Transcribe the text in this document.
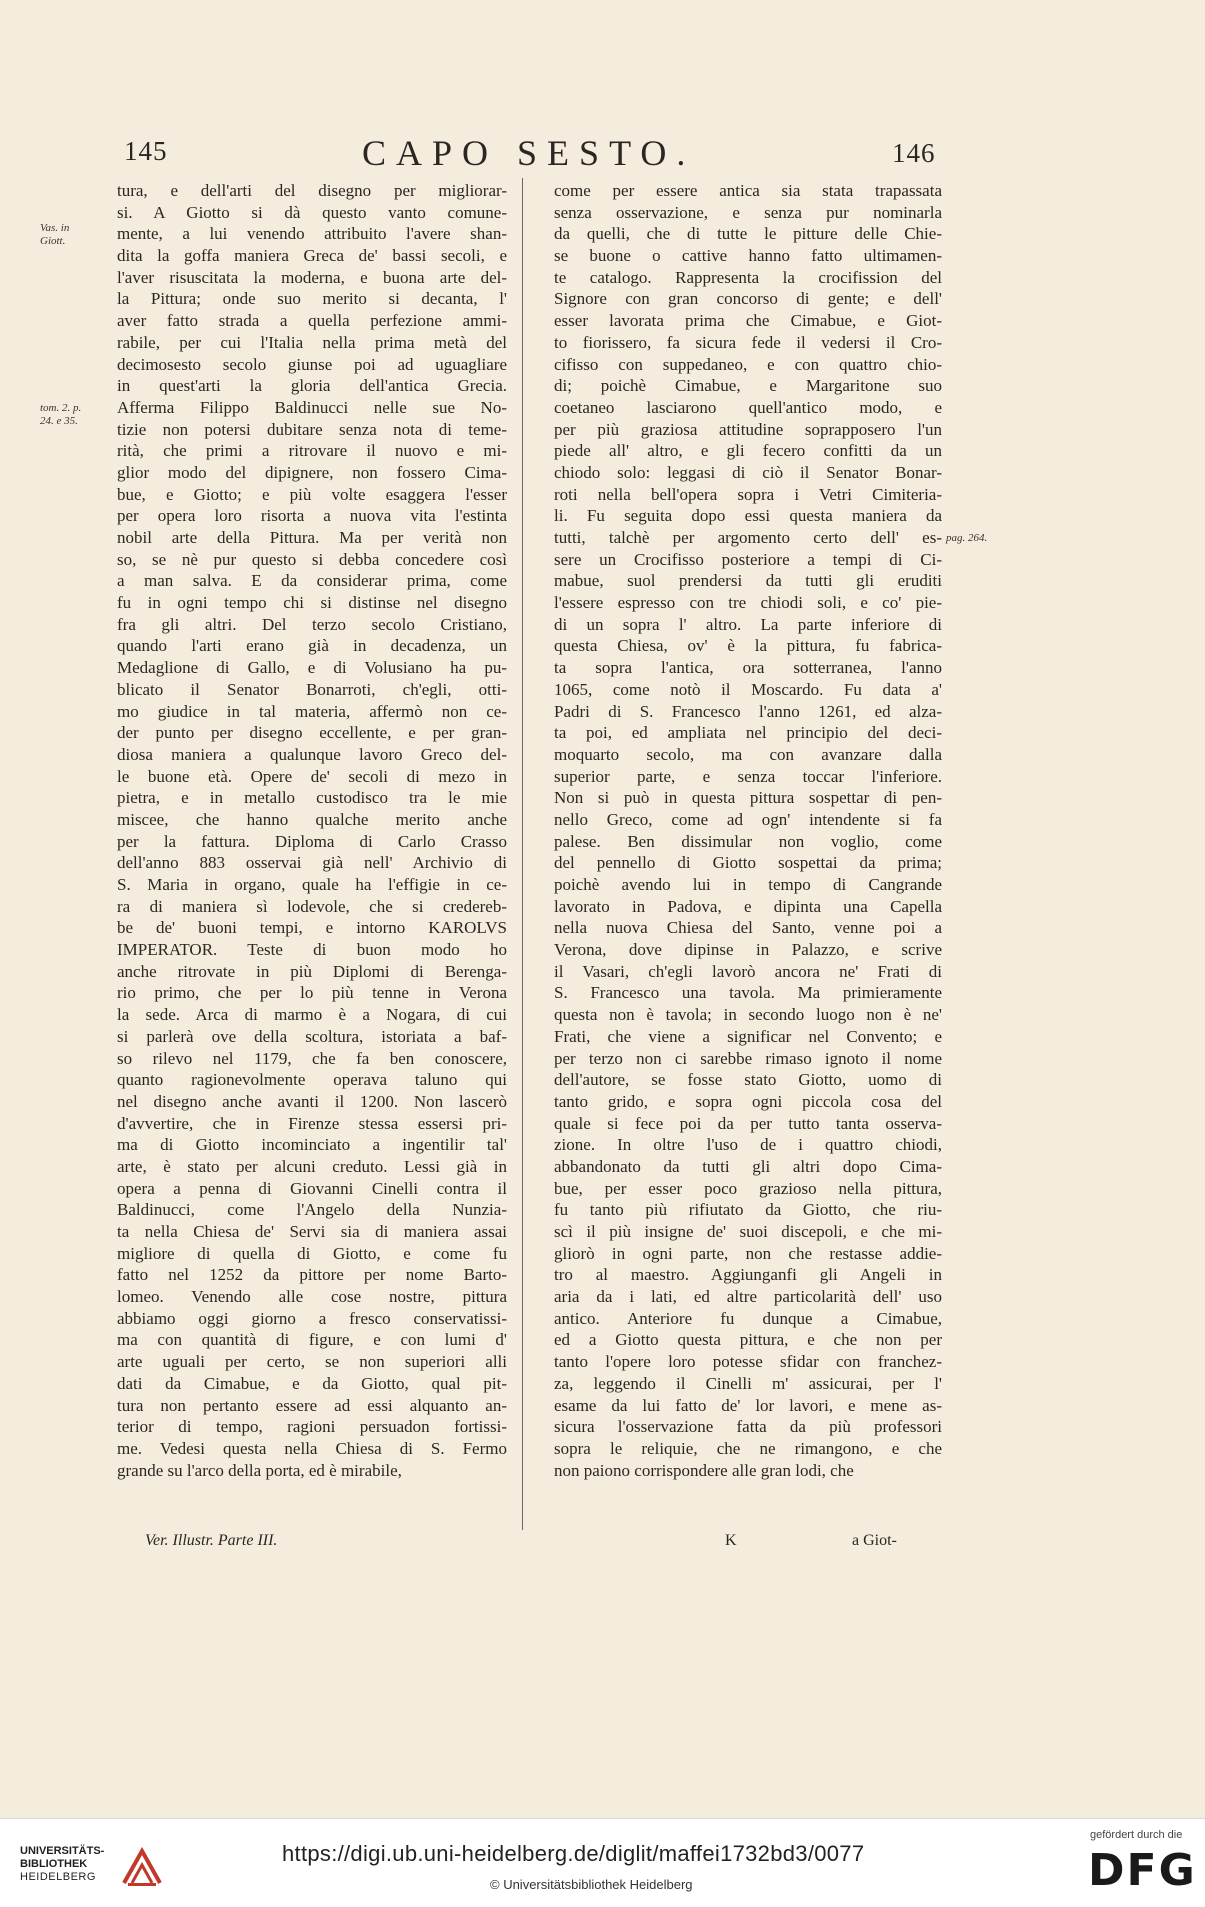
145	CAPO SESTO.	146
Vas. in
Giott.
tom. 2. p.
24. e 35.
pag. 264.
tura, e dell'arti del disegno per migliorar-
si. A Giotto si dà questo vanto comune-
mente, a lui venendo attribuito l'avere shan-
dita la goffa maniera Greca de' bassi secoli, e
l'aver risuscitata la moderna, e buona arte del-
la Pittura; onde suo merito si decanta, l'
aver fatto strada a quella perfezione ammi-
rabile, per cui l'Italia nella prima metà del
decimosesto secolo giunse poi ad uguagliare
in quest'arti la gloria dell'antica Grecia.
Afferma Filippo Baldinucci nelle sue No-
tizie non potersi dubitare senza nota di teme-
rità, che primi a ritrovare il nuovo e mi-
glior modo del dipignere, non fossero Cima-
bue, e Giotto; e più volte esaggera l'esser
per opera loro risorta a nuova vita l'estinta
nobil arte della Pittura. Ma per verità non
so, se nè pur questo si debba concedere così
a man salva. E da considerar prima, come
fu in ogni tempo chi si distinse nel disegno
fra gli altri. Del terzo secolo Cristiano,
quando l'arti erano già in decadenza, un
Medaglione di Gallo, e di Volusiano ha pu-
blicato il Senator Bonarroti, ch'egli, otti-
mo giudice in tal materia, affermò non ce-
der punto per disegno eccellente, e per gran-
diosa maniera a qualunque lavoro Greco del-
le buone età. Opere de' secoli di mezo in
pietra, e in metallo custodisco tra le mie
miscee, che hanno qualche merito anche
per la fattura. Diploma di Carlo Crasso
dell'anno 883 osservai già nell' Archivio di
S. Maria in organo, quale ha l'effigie in ce-
ra di maniera sì lodevole, che si credereb-
be de' buoni tempi, e intorno KAROLVS
IMPERATOR. Teste di buon modo ho
anche ritrovate in più Diplomi di Berenga-
rio primo, che per lo più tenne in Verona
la sede. Arca di marmo è a Nogara, di cui
si parlerà ove della scoltura, istoriata a baf-
so rilevo nel 1179, che fa ben conoscere,
quanto ragionevolmente operava taluno qui
nel disegno anche avanti il 1200. Non lascerò
d'avvertire, che in Firenze stessa essersi pri-
ma di Giotto incominciato a ingentilir tal'
arte, è stato per alcuni creduto. Lessi già in
opera a penna di Giovanni Cinelli contra il
Baldinucci, come l'Angelo della Nunzia-
ta nella Chiesa de' Servi sia di maniera assai
migliore di quella di Giotto, e come fu
fatto nel 1252 da pittore per nome Barto-
lomeo. Venendo alle cose nostre, pittura
abbiamo oggi giorno a fresco conservatissi-
ma con quantità di figure, e con lumi d'
arte uguali per certo, se non superiori alli
dati da Cimabue, e da Giotto, qual pit-
tura non pertanto essere ad essi alquanto an-
terior di tempo, ragioni persuadon fortissi-
me. Vedesi questa nella Chiesa di S. Fermo
grande su l'arco della porta, ed è mirabile,
come per essere antica sia stata trapassata
senza osservazione, e senza pur nominarla
da quelli, che di tutte le pitture delle Chie-
se buone o cattive hanno fatto ultimamen-
te catalogo. Rappresenta la crocifission del
Signore con gran concorso di gente; e dell'
esser lavorata prima che Cimabue, e Giot-
to fiorissero, fa sicura fede il vedersi il Cro-
cifisso con suppedaneo, e con quattro chio-
di; poichè Cimabue, e Margaritone suo
coetaneo lasciarono quell'antico modo, e
per più graziosa attitudine soprapposero l'un
piede all' altro, e gli fecero confitti da un
chiodo solo: leggasi di ciò il Senator Bonar-
roti nella bell'opera sopra i Vetri Cimiteria-
li. Fu seguita dopo essi questa maniera da
tutti, talchè per argomento certo dell' es-
sere un Crocifisso posteriore a tempi di Ci-
mabue, suol prendersi da tutti gli eruditi
l'essere espresso con tre chiodi soli, e co' pie-
di un sopra l' altro. La parte inferiore di
questa Chiesa, ov' è la pittura, fu fabrica-
ta sopra l'antica, ora sotterranea, l'anno
1065, come notò il Moscardo. Fu data a'
Padri di S. Francesco l'anno 1261, ed alza-
ta poi, ed ampliata nel principio del deci-
moquarto secolo, ma con avanzare dalla
superior parte, e senza toccar l'inferiore.
Non si può in questa pittura sospettar di pen-
nello Greco, come ad ogn' intendente si fa
palese. Ben dissimular non voglio, come
del pennello di Giotto sospettai da prima;
poichè avendo lui in tempo di Cangrande
lavorato in Padova, e dipinta una Capella
nella nuova Chiesa del Santo, venne poi a
Verona, dove dipinse in Palazzo, e scrive
il Vasari, ch'egli lavorò ancora ne' Frati di
S. Francesco una tavola. Ma primieramente
questa non è tavola; in secondo luogo non è ne'
Frati, che viene a significar nel Convento; e
per terzo non ci sarebbe rimaso ignoto il nome
dell'autore, se fosse stato Giotto, uomo di
tanto grido, e sopra ogni piccola cosa del
quale si fece poi da per tutto tanta osserva-
zione. In oltre l'uso de i quattro chiodi,
abbandonato da tutti gli altri dopo Cima-
bue, per esser poco grazioso nella pittura,
fu tanto più rifiutato da Giotto, che riu-
scì il più insigne de' suoi discepoli, e che mi-
gliorò in ogni parte, non che restasse addie-
tro al maestro. Aggiunganfi gli Angeli in
aria da i lati, ed altre particolarità dell' uso
antico. Anteriore fu dunque a Cimabue,
ed a Giotto questa pittura, e che non per
tanto l'opere loro potesse sfidar con franchez-
za, leggendo il Cinelli m' assicurai, per l'
esame da lui fatto de' lor lavori, e mene as-
sicura l'osservazione fatta da più professori
sopra le reliquie, che ne rimangono, e che
non paiono corrispondere alle gran lodi, che
Ver. Illustr. Parte III.	K	a Giot-
UNIVERSITÄTS-
BIBLIOTHEK
HEIDELBERG
https://digi.ub.uni-heidelberg.de/diglit/maffei1732bd3/0077
© Universitätsbibliothek Heidelberg
gefördert durch die
DFG
